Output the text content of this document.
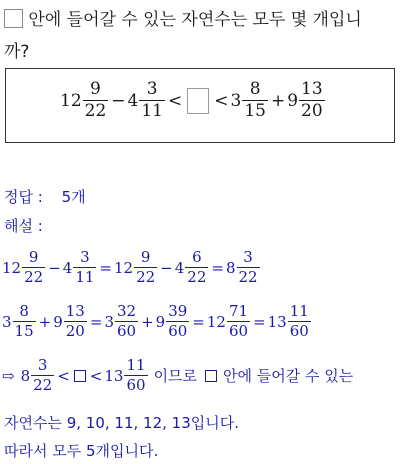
안에 들어갈 수 있는 자연수는 모두 몇 개입니
까?
$12 \frac{9}{22} - 4 \frac{3}{11}$ < < $3 \frac{8}{15} + 9 \frac{13}{20}$
정답 : 5개
해설 :
$12 \frac{9}{22} - 4 \frac{3}{11} = 12 \frac{9}{22} - 4 \frac{6}{22} = 8 \frac{3}{22}$
$3 \frac{8}{15} + 9 \frac{13}{20} = 3 \frac{32}{60} + 9 \frac{39}{60} = 12 \frac{71}{60} = 13 \frac{11}{60}$
⇨ $8 \frac{3}{22}$ < < $13 \frac{11}{60}$ 이므로 안에 들어갈 수 있는
자연수는 9, 10, 11, 12, 13입니다.
따라서 모두 5개입니다.
